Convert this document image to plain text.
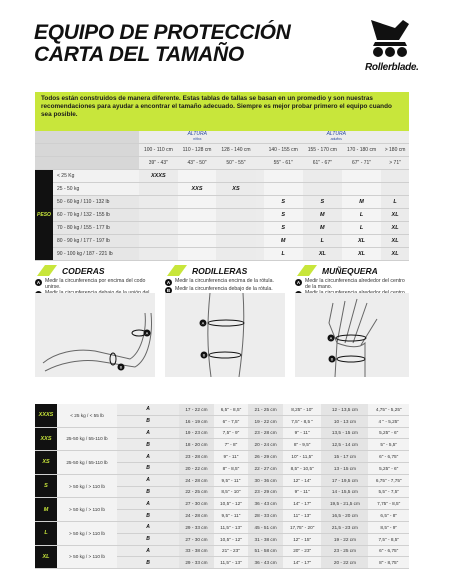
EQUIPO DE PROTECCIÓN
CARTA DEL TAMAÑO
Rollerblade.
Todos están construidos de manera diferente. Estas tablas de tallas se basan en un promedio y son nuestras recomendaciones para ayudar a encontrar el tamaño adecuado. Siempre es mejor probar primero el equipo cuando sea posible.

		ALTURA
niños				ALTURA
adultos			

		100 - 110 cm	110 - 128 cm	128 - 140 cm		140 - 155 cm	155 - 170 cm	170 - 180 cm	> 180 cm
		39" - 43"	43" - 50"	50" - 55"		55" - 61"	61" - 67"	67" - 71"	> 71"
PESO	< 25 Kg	XXXS							
	25 - 50 kg		XXS	XS					
	50 - 60 kg / 110 - 132 lb					S	S	M	L
	60 - 70 kg / 132 - 155 lb					S	M	L	XL
	70 - 80 kg / 155 - 177 lb					S	M	L	XL
	80 - 90 kg / 177 - 197 lb					M	L	XL	XL
	90 - 100 kg / 187 - 221 lb					L	XL	XL	XL
CODERAS
A Medir la circunferencia por encima del codo unirse.
RODILLERAS
A Medir la circunferencia encima de la rótula.
B Medir la circunferencia debajo de la rótula.
MUÑEQUERA
A Medir la circunferencia alrededor del centro de la mano.
A
B
A
B
A
B
XXXS	< 25 kg / < 55 lb	A	17 - 22 cm	6,5" - 8,5"	21 - 25 cm	8,25" - 10"	12 - 13,5 cm	4,75" - 5,25"
		B	16 - 19 cm	6" - 7,5"	19 - 22 cm	7,5" - 8,5 "	10 - 13 cm	4 " - 5,25"
XXS	25-50 kg / 55-110 lb	A	19 - 23 cm	7,5" - 9"	23 - 28 cm	9" - 11"	13,5 - 15 cm	5,25" - 6"
		B	18 - 20 cm	7" - 8"	20 - 24 cm	8" - 9,5"	12,5 - 14 cm	5" - 5,5"
XS	25-50 kg / 55-110 lb	A	23 - 28 cm	9" - 11"	26 - 29 cm	10" - 11,5"	15 - 17 cm	6" - 6,75"
		B	20 - 22 cm	8" - 8,5"	22 - 27 cm	8,5" - 10,5"	13 - 15 cm	5,25" - 6"
S	> 50 kg / > 110 lb	A	24 - 28 cm	9,5" - 11"	30 - 36 cm	12" - 14"	17 - 19,5 cm	6,75" - 7,75"
		B	22 - 25 cm	8,5" - 10"	23 - 29 cm	9" - 11"	14 - 15,5 cm	5,5" - 7,5"
M	> 50 kg / > 110 lb	A	27 - 30 cm	10,5" - 12"	36 - 43 cm	14" - 17"	19,5 - 21,5 cm	7,75" - 8,5"
		B	24 - 28 cm	9,5" - 11"	28 - 33 cm	11" - 13"	16,5 - 20 cm	6,5" - 8"
L	> 50 kg / > 110 lb	A	29 - 33 cm	11,5" - 13"	45 - 51 cm	17,75" - 20"	21,5 - 23 cm	8,5" - 9"
		B	27 - 30 cm	10,5" - 12"	31 - 38 cm	12" - 15"	19 - 22 cm	7,5" - 8,5"
XL	> 50 kg / > 110 lb	A	33 - 38 cm	21" - 23"	51 - 58 cm	20" - 23"	23 - 25 cm	6" - 6,75"
		B	29 - 33 cm	11,5" - 13"	36 - 43 cm	14" - 17"	20 - 22 cm	8" - 8,75"
